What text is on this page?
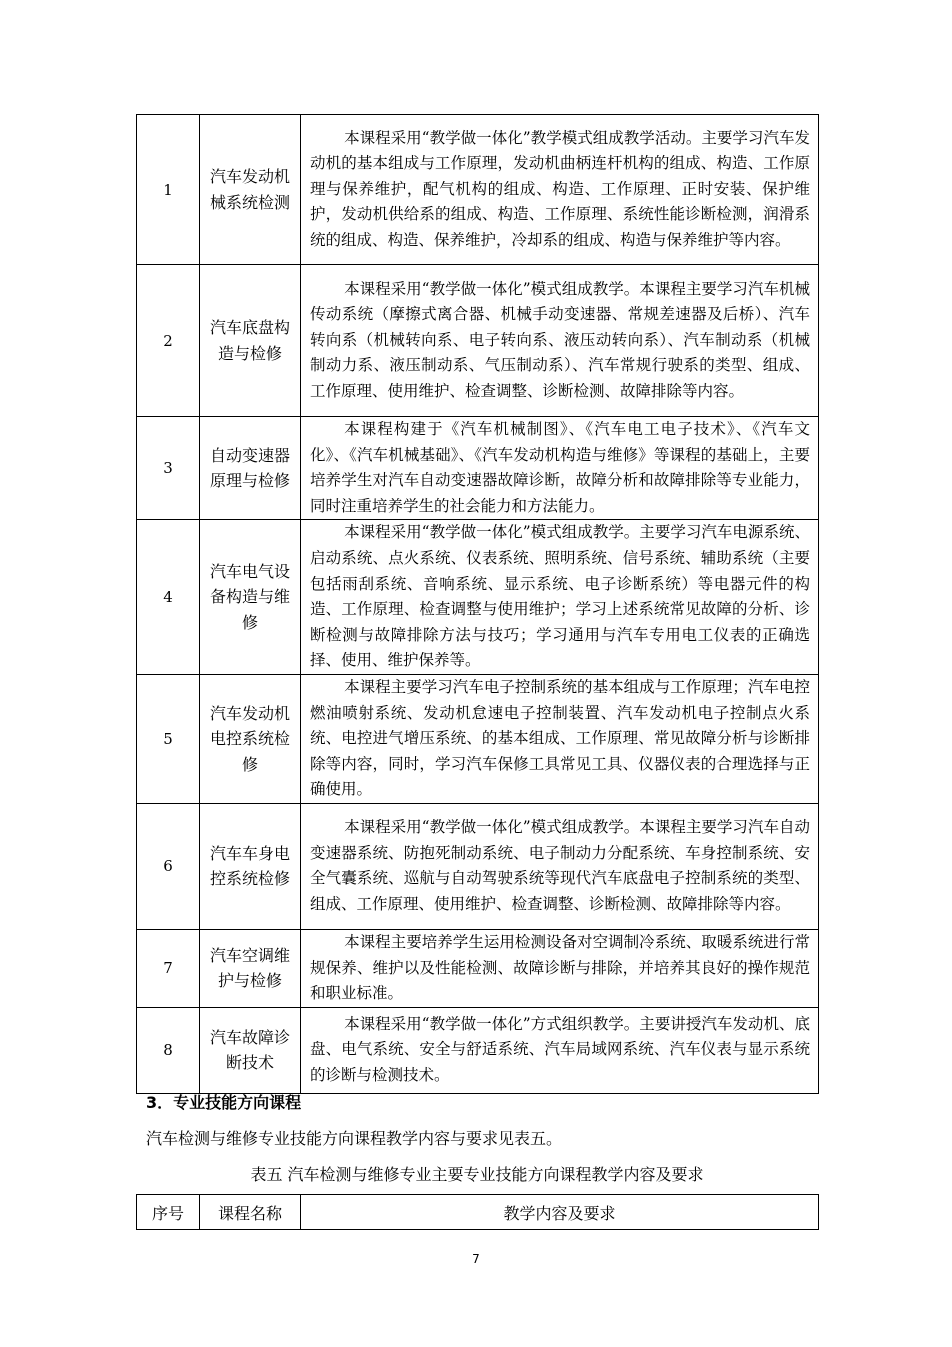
1	汽车发动机械系统检测	本课程采用“教学做一体化”教学模式组成教学活动。主要学习汽车发动机的基本组成与工作原理，发动机曲柄连杆机构的组成、构造、工作原理与保养维护，配气机构的组成、构造、工作原理、正时安装、保护维护，发动机供给系的组成、构造、工作原理、系统性能诊断检测，润滑系统的组成、构造、保养维护，冷却系的组成、构造与保养维护等内容。
2	汽车底盘构造与检修	本课程采用“教学做一体化”模式组成教学。本课程主要学习汽车机械传动系统（摩擦式离合器、机械手动变速器、常规差速器及后桥）、汽车转向系（机械转向系、电子转向系、液压动转向系）、汽车制动系（机械制动力系、液压制动系、气压制动系）、汽车常规行驶系的类型、组成、工作原理、使用维护、检查调整、诊断检测、故障排除等内容。
3	自动变速器原理与检修	本课程构建于《汽车机械制图》、《汽车电工电子技术》、《汽车文化》、《汽车机械基础》、《汽车发动机构造与维修》等课程的基础上，主要培养学生对汽车自动变速器故障诊断，故障分析和故障排除等专业能力，同时注重培养学生的社会能力和方法能力。
4	汽车电气设备构造与维修	本课程采用“教学做一体化”模式组成教学。主要学习汽车电源系统、启动系统、点火系统、仪表系统、照明系统、信号系统、辅助系统（主要包括雨刮系统、音响系统、显示系统、电子诊断系统）等电器元件的构造、工作原理、检查调整与使用维护；学习上述系统常见故障的分析、诊断检测与故障排除方法与技巧；学习通用与汽车专用电工仪表的正确选择、使用、维护保养等。
5	汽车发动机电控系统检修	本课程主要学习汽车电子控制系统的基本组成与工作原理；汽车电控燃油喷射系统、发动机怠速电子控制装置、汽车发动机电子控制点火系统、电控进气增压系统、的基本组成、工作原理、常见故障分析与诊断排除等内容，同时，学习汽车保修工具常见工具、仪器仪表的合理选择与正确使用。
6	汽车车身电控系统检修	本课程采用“教学做一体化”模式组成教学。本课程主要学习汽车自动变速器系统、防抱死制动系统、电子制动力分配系统、车身控制系统、安全气囊系统、巡航与自动驾驶系统等现代汽车底盘电子控制系统的类型、组成、工作原理、使用维护、检查调整、诊断检测、故障排除等内容。
7	汽车空调维护与检修	本课程主要培养学生运用检测设备对空调制冷系统、取暖系统进行常规保养、维护以及性能检测、故障诊断与排除，并培养其良好的操作规范和职业标准。
8	汽车故障诊断技术	本课程采用“教学做一体化”方式组织教学。主要讲授汽车发动机、底盘、电气系统、安全与舒适系统、汽车局域网系统、汽车仪表与显示系统的诊断与检测技术。
3．专业技能方向课程
汽车检测与维修专业技能方向课程教学内容与要求见表五。
表五 汽车检测与维修专业主要专业技能方向课程教学内容及要求
序号	课程名称	教学内容及要求
7
